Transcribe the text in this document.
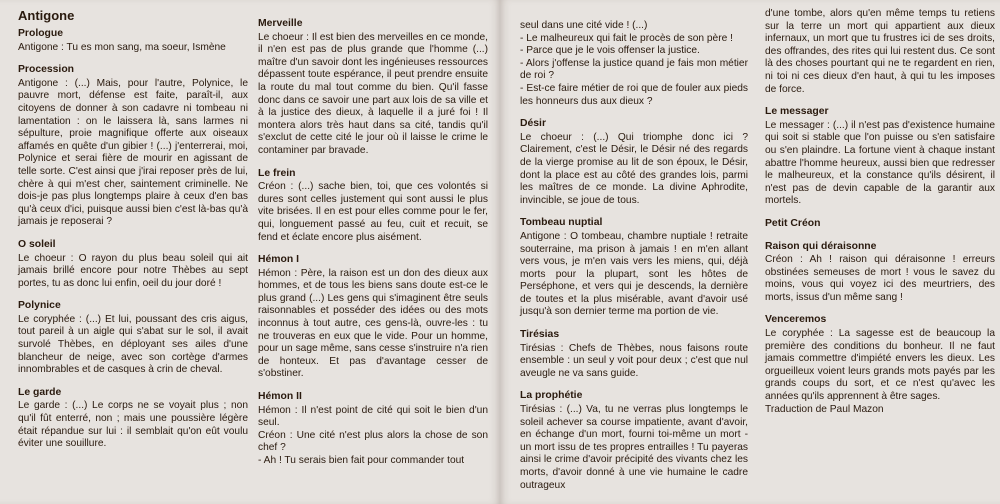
Antigone
Prologue

Antigone : Tu es mon sang, ma soeur, Ismène

Procession

Antigone : (...) Mais, pour l'autre, Polynice, le pauvre mort, défense est faite, paraît-il, aux citoyens de donner à son cadavre ni tombeau ni lamentation : on le laissera là, sans larmes ni sépulture, proie magnifique offerte aux oiseaux affamés en quête d'un gibier ! (...) j'enterrerai, moi, Polynice et serai fière de mourir en agissant de telle sorte. C'est ainsi que j'irai reposer près de lui, chère à qui m'est cher, saintement criminelle. Ne dois-je pas plus longtemps plaire à ceux d'en bas qu'à ceux d'ici, puisque aussi bien c'est là-bas qu'à jamais je reposerai ?

O soleil

Le choeur : O rayon du plus beau soleil qui ait jamais brillé encore pour notre Thèbes au sept portes, tu as donc lui enfin, oeil du jour doré !

Polynice

Le coryphée : (...) Et lui, poussant des cris aigus, tout pareil à un aigle qui s'abat sur le sol, il avait survolé Thèbes, en déployant ses ailes d'une blancheur de neige, avec son cortège d'armes innombrables et de casques à crin de cheval.

Le garde

Le garde : (...) Le corps ne se voyait plus ; non qu'il fût enterré, non ; mais une poussière légère était répandue sur lui : il semblait qu'on eût voulu éviter une souillure.

Merveille

Le choeur : Il est bien des merveilles en ce monde, il n'en est pas de plus grande que l'homme (...) maître d'un savoir dont les ingénieuses ressources dépassent toute espérance, il peut prendre ensuite la route du mal tout comme du bien. Qu'il fasse donc dans ce savoir une part aux lois de sa ville et à la justice des dieux, à laquelle il a juré foi ! Il montera alors très haut dans sa cité, tandis qu'il s'exclut de cette cité le jour où il laisse le crime le contaminer par bravade.

Le frein

Créon : (...) sache bien, toi, que ces volontés si dures sont celles justement qui sont aussi le plus vite brisées. Il en est pour elles comme pour le fer, qui, longuement passé au feu, cuit et recuit, se fend et éclate encore plus aisément.

Hémon I

Hémon : Père, la raison est un don des dieux aux hommes, et de tous les biens sans doute est-ce le plus grand (...) Les gens qui s'imaginent être seuls raisonnables et posséder des idées ou des mots inconnus à tout autre, ces gens-là, ouvre-les : tu ne trouveras en eux que le vide. Pour un homme, pour un sage même, sans cesse s'instruire n'a rien de honteux. Et pas d'avantage cesser de s'obstiner.

Hémon II

Hémon : Il n'est point de cité qui soit le bien d'un seul.

Créon : Une cité n'est plus alors la chose de son chef ?

- Ah ! Tu serais bien fait pour commander tout

seul dans une cité vide ! (...)

- Le malheureux qui fait le procès de son père !

- Parce que je le vois offenser la justice.

- Alors j'offense la justice quand je fais mon métier de roi ?

- Est-ce faire métier de roi que de fouler aux pieds les honneurs dus aux dieux ?

Désir

Le choeur : (...) Qui triomphe donc ici ? Clairement, c'est le Désir, le Désir né des regards de la vierge promise au lit de son époux, le Désir, dont la place est au côté des grandes lois, parmi les maîtres de ce monde. La divine Aphrodite, invincible, se joue de tous.

Tombeau nuptial

Antigone : O tombeau, chambre nuptiale ! retraite souterraine, ma prison à jamais ! en m'en allant vers vous, je m'en vais vers les miens, qui, déjà morts pour la plupart, sont les hôtes de Perséphone, et vers qui je descends, la dernière de toutes et la plus misérable, avant d'avoir usé jusqu'à son dernier terme ma portion de vie.

Tirésias

Tirésias : Chefs de Thèbes, nous faisons route ensemble : un seul y voit pour deux ; c'est que nul aveugle ne va sans guide.

La prophétie

Tirésias : (...) Va, tu ne verras plus longtemps le soleil achever sa course impatiente, avant d'avoir, en échange d'un mort, fourni toi-même un mort - un mort issu de tes propres entrailles ! Tu payeras ainsi le crime d'avoir précipité des vivants chez les morts, d'avoir donné à une vie humaine le cadre outrageux

d'une tombe, alors qu'en même temps tu retiens sur la terre un mort qui appartient aux dieux infernaux, un mort que tu frustres ici de ses droits, des offrandes, des rites qui lui restent dus. Ce sont là des choses pourtant qui ne te regardent en rien, ni toi ni ces dieux d'en haut, à qui tu les imposes de force.

Le messager

Le messager : (...) il n'est pas d'existence humaine qui soit si stable que l'on puisse ou s'en satisfaire ou s'en plaindre. La fortune vient à chaque instant abattre l'homme heureux, aussi bien que redresser le malheureux, et la constance qu'ils désirent, il n'est pas de devin capable de la garantir aux mortels.

Petit Créon
Raison qui déraisonne

Créon : Ah ! raison qui déraisonne ! erreurs obstinées semeuses de mort ! vous le savez du moins, vous qui voyez ici des meurtriers, des morts, issus d'un même sang !

Venceremos

Le coryphée : La sagesse est de beaucoup la première des conditions du bonheur. Il ne faut jamais commettre d'impiété envers les dieux. Les orgueilleux voient leurs grands mots payés par les grands coups du sort, et ce n'est qu'avec les années qu'ils apprennent à être sages.

Traduction de Paul Mazon
